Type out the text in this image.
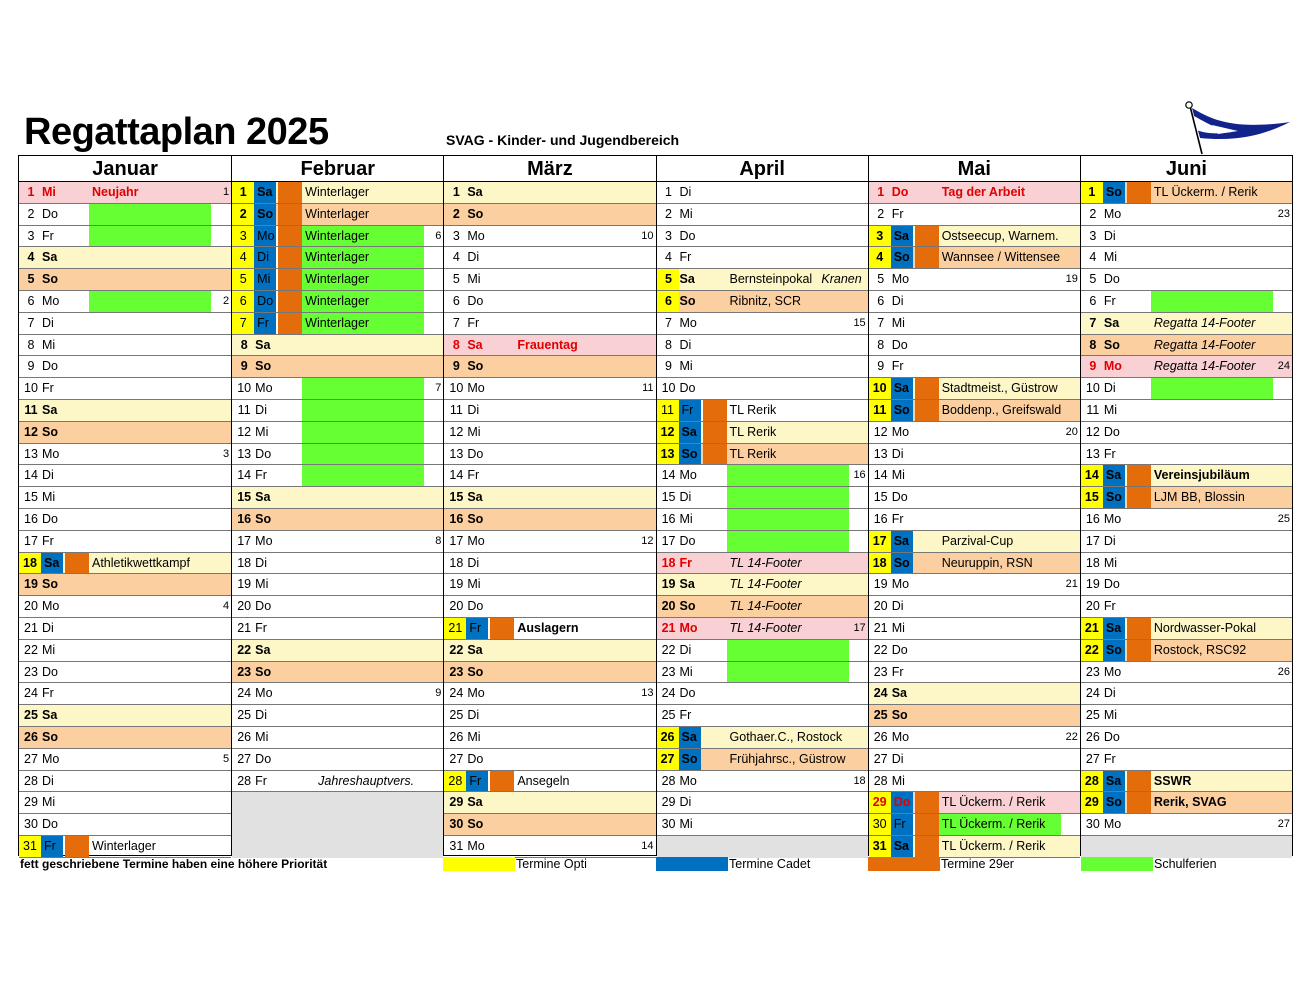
Regattaplan 2025	SVAG - Kinder- und Jugendbereich
Januar
1 Mi	Neujahr	1
2 Do
3 Fr
4 Sa
5 So
6 Mo	2
7 Di
8 Mi
9 Do
10 Fr
11 Sa
12 So
13 Mo	3
14 Di
15 Mi
16 Do
17 Fr
18 Sa	Athletikwettkampf
19 So
20 Mo	4
21 Di
22 Mi
23 Do
24 Fr
25 Sa
26 So
27 Mo	5
28 Di
29 Mi
30 Do
31 Fr	Winterlager
Februar
1 Sa	Winterlager
2 So	Winterlager
3 Mo Winterlager	6
4 Di	Winterlager
5 Mi	Winterlager
6 Do	Winterlager
7 Fr	Winterlager
8 Sa
9 So
10 Mo	7
11 Di
12 Mi
13 Do
14 Fr
15 Sa
16 So
17 Mo	8
18 Di
19 Mi
20 Do
21 Fr
22 Sa
23 So
24 Mo	9
25 Di
26 Mi
27 Do
28 Fr	Jahreshauptvers.
März
1 Sa
2 So
3 Mo	10
4 Di
5 Mi
6 Do
7 Fr
8 Sa	Frauentag
9 So
10 Mo	11
11 Di
12 Mi
13 Do
14 Fr
15 Sa
16 So
17 Mo	12
18 Di
19 Mi
20 Do
21 Fr	Auslagern
22 Sa
23 So
24 Mo	13
25 Di
26 Mi
27 Do
28 Fr	Ansegeln
29 Sa
30 So
31 Mo	14
April
1 Di
2 Mi
3 Do
4 Fr
5 Sa	Bernsteinpokal Kranen
6 So	Ribnitz, SCR
7 Mo	15
8 Di
9 Mi
10 Do
11 Fr	TL Rerik
12 Sa	TL Rerik
13 So	TL Rerik
14 Mo	16
15 Di
16 Mi
17 Do
18 Fr	TL 14-Footer
19 Sa	TL 14-Footer
20 So	TL 14-Footer
21 Mo	TL 14-Footer	17
22 Di
23 Mi
24 Do
25 Fr
26 Sa	Gothaer.C., Rostock
27 So	Frühjahrsc., Güstrow
28 Mo	18
29 Di
30 Mi
Mai
1 Do	Tag der Arbeit
2 Fr
3 Sa	Ostseecup, Warnem.
4 So	Wannsee / Wittensee
5 Mo	19
6 Di
7 Mi
8 Do
9 Fr
10 Sa	Stadtmeist., Güstrow
11 So	Boddenp., Greifswald
12 Mo	20
13 Di
14 Mi
15 Do
16 Fr
17 Sa	Parzival-Cup
18 So	Neuruppin, RSN
19 Mo	21
20 Di
21 Mi
22 Do
23 Fr
24 Sa
25 So
26 Mo	22
27 Di
28 Mi
29 Do	TL Ückerm. / Rerik
30 Fr	TL Ückerm. / Rerik
31 Sa	TL Ückerm. / Rerik
Juni
1 So	TL Ückerm. / Rerik
2 Mo	23
3 Di
4 Mi
5 Do
6 Fr
7 Sa	Regatta 14-Footer
8 So	Regatta 14-Footer
9 Mo	Regatta 14-Footer 24
10 Di
11 Mi
12 Do
13 Fr
14 Sa	Vereinsjubiläum
15 So	LJM BB, Blossin
16 Mo	25
17 Di
18 Mi
19 Do
20 Fr
21 Sa	Nordwasser-Pokal
22 So	Rostock, RSC92
23 Mo	26
24 Di
25 Mi
26 Do
27 Fr
28 Sa	SSWR
29 So	Rerik, SVAG
30 Mo	27
fett geschriebene Termine haben eine höhere Priorität	Termine Opti	Termine Cadet	Termine 29er	Schulferien
